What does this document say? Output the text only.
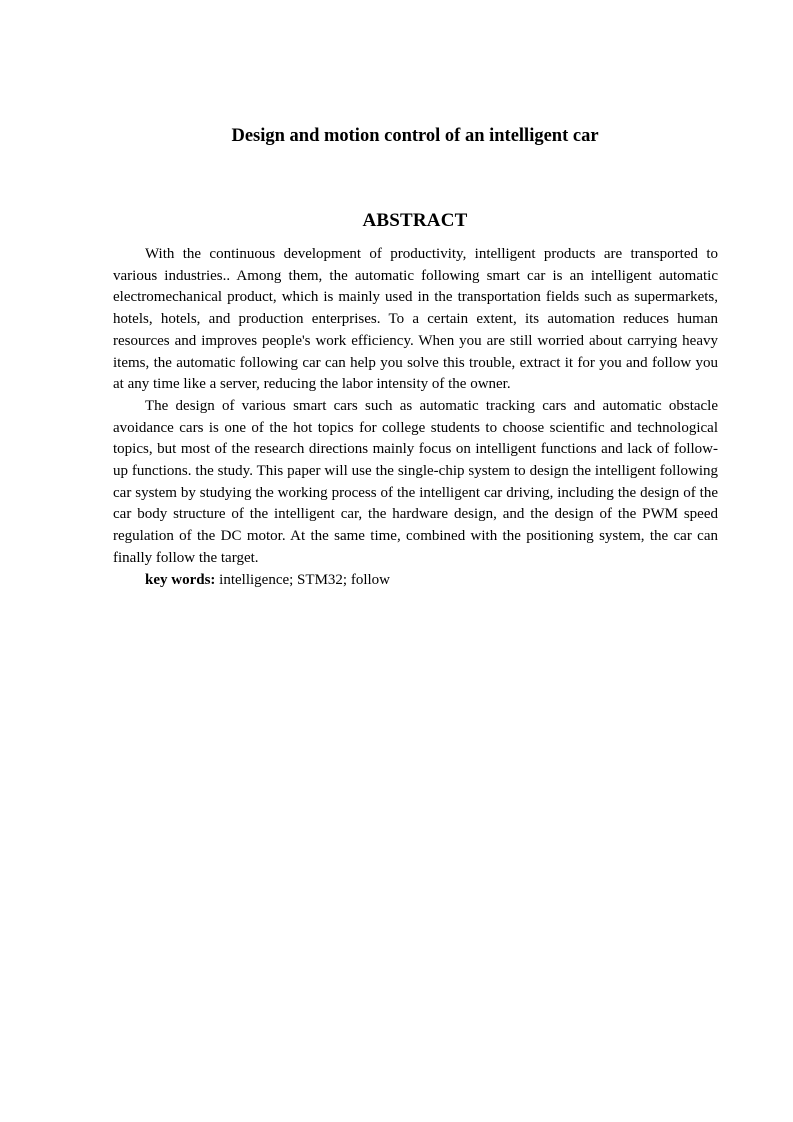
Design and motion control of an intelligent car
ABSTRACT

With the continuous development of productivity, intelligent products are transported to various industries.. Among them, the automatic following smart car is an intelligent automatic electromechanical product, which is mainly used in the transportation fields such as supermarkets, hotels, hotels, and production enterprises. To a certain extent, its automation reduces human resources and improves people's work efficiency. When you are still worried about carrying heavy items, the automatic following car can help you solve this trouble, extract it for you and follow you at any time like a server, reducing the labor intensity of the owner.

The design of various smart cars such as automatic tracking cars and automatic obstacle avoidance cars is one of the hot topics for college students to choose scientific and technological topics, but most of the research directions mainly focus on intelligent functions and lack of follow-up functions. the study. This paper will use the single-chip system to design the intelligent following car system by studying the working process of the intelligent car driving, including the design of the car body structure of the intelligent car, the hardware design, and the design of the PWM speed regulation of the DC motor. At the same time, combined with the positioning system, the car can finally follow the target.

key words: intelligence; STM32; follow
